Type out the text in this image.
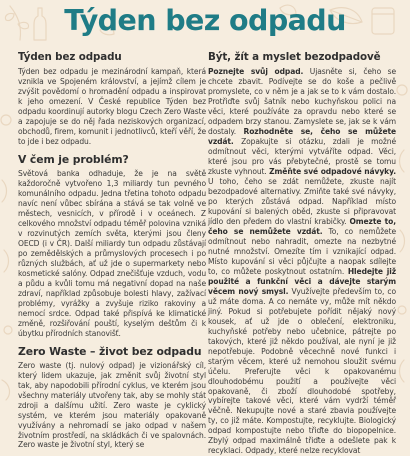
Týden bez odpadu
Týden bez odpadu

Týden bez odpadu je mezinárodní kampaň, která vznikla ve Spojeném království, a jejímž cílem je zvýšit povědomí o hromadění odpadu a inspirovat k jeho omezení. V České republice Týden bez odpadu koordinují autorky blogu Czech Zero Waste a zapojuje se do něj řada neziskových organizací, obchodů, firem, komunit i jednotlivců, kteří věří, že to jde i bez odpadu.

V čem je problém?

Světová banka odhaduje, že je na světě každoročně vytvořeno 1,3 miliardy tun pevného komunálního odpadu. Jedna třetina tohoto odpadu navíc není vůbec sbírána a stává se tak volně ve městech, vesnicích, v přírodě i v oceánech. Z celkového množství odpadu téměř polovina vzniká v rozvinutých zemích světa, kterými jsou členy OECD (i v ČR). Další miliardy tun odpadu zůstávají po zemědělských a průmyslových procesech i po různých službách, ať už jde o supermarkety nebo kosmetické salóny. Odpad znečišťuje vzduch, vodu a půdu a kvůli tomu má negativní dopad na naše zdraví, například způsobuje bolesti hlavy, zažívací problémy, vyrážky a zvyšuje riziko rakoviny a nemocí srdce. Odpad také přispívá ke klimatické změně, rozšiřování pouští, kyselým deštům či k úbytku přírodních stanovišť.

Zero Waste – život bez odpadu

Zero waste (tj. nulový odpad) je vizionářský cíl, který lidem ukazuje, jak změnit svůj životní styl tak, aby napodobili přírodní cyklus, ve kterém jsou všechny materiály utvořeny tak, aby se mohly stát zdroji a dalšímu užití. Zero waste je cyklický systém, ve kterém jsou materiály opakovaně využívány a nehromadí se jako odpad v našem životním prostředí, na skládkách či ve spalovnách. Zero waste je životní styl, který se

Být, žít a myslet bezodpadově

Poznejte svůj odpad. Ujasněte si, čeho se chcete zbavit. Podívejte se do koše a pečlivě promyslete, co v něm je a jak se to k vám dostalo. Protřiďte svůj šatník nebo kuchyňskou polici na věci, které používáte za opravdu nebo které se odpadem brzy stanou. Zamyslete se, jak se k vám dostaly. Rozhodněte se, čeho se můžete vzdát. Zopakujte si otázku, zdali je možné odmítnout věci, kterými vytváříte odpad. Věci, které jsou pro vás přebytečné, prostě se tomu zkuste vyhnout. Změňte své odpadové návyky. U toho, čeho se zdát nemůžete, zkuste najít bezodpadové alternativy. Zmiňte také své návyky, po kterých zůstává odpad. Například místo kupování si balených oběd, zkuste si připravovat jídlo den předem do vlastní krabičky. Omezte to, čeho se nemůžete vzdát. To, co nemůžete odmítnout nebo nahradit, omezte na nezbytné nutné množství. Omezíte tím i vznikající odpad. Místo kupování si věci půjčujte a naopak sdílejte to, co můžete poskytnout ostatním. Hledejte již použité a funkční věci a dávejte starým věcem nový smysl. Využívejte především to, co už máte doma. A co nemáte vy, může mít někdo jiný. Pokud si potřebujete pořídit nějaký nový kousek, ať už jde o oblečení, elektroniku, kuchyňské potřeby nebo učebnice, pátrejte po takových, které již někdo používal, ale nyní je již nepotřebuje. Podobně věcechně nové funkci i starým věcem, které už nemohou sloužit svému účelu. Preferujte věci k opakovanému dlouhodobému použití a používejte věci opakovaně, či zboží dlouhodobé spotřeby, vybírejte takové věci, které vám vydrží téměř věčně. Nekupujte nové a staré zbavia používejte ty, co již máte. Kompostujte, recyklujte. Biologický odpad kompostujte nebo třiďte do biopopelnice. Zbylý odpad maximálně třiďte a odešlete pak k recyklaci. Odpady, které nelze recyklovat
